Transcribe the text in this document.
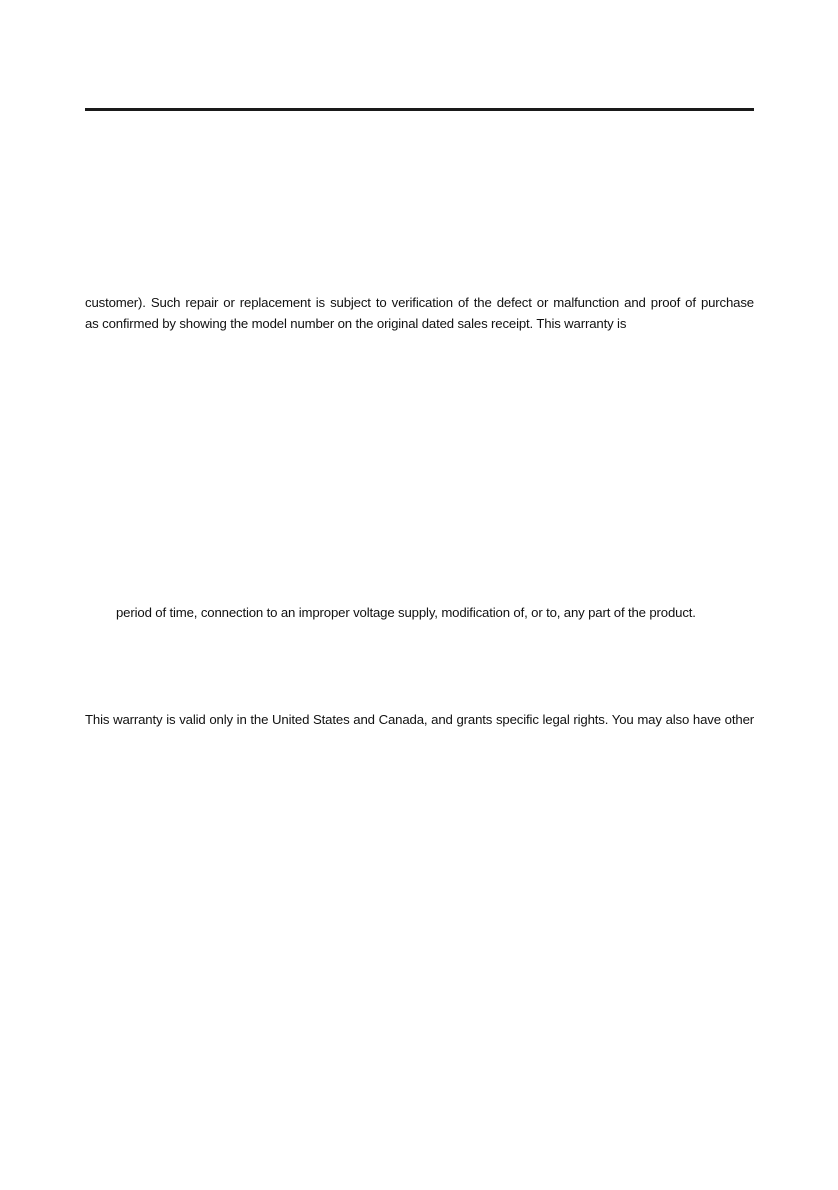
customer). Such repair or replacement is subject to verification of the defect or malfunction and proof of purchase
as confirmed by showing the model number on the original dated sales receipt. This warranty is
period of time, connection to an improper voltage supply, modification of, or to, any part of the product.
This warranty is valid only in the United States and Canada, and grants specific legal rights. You may also have other
